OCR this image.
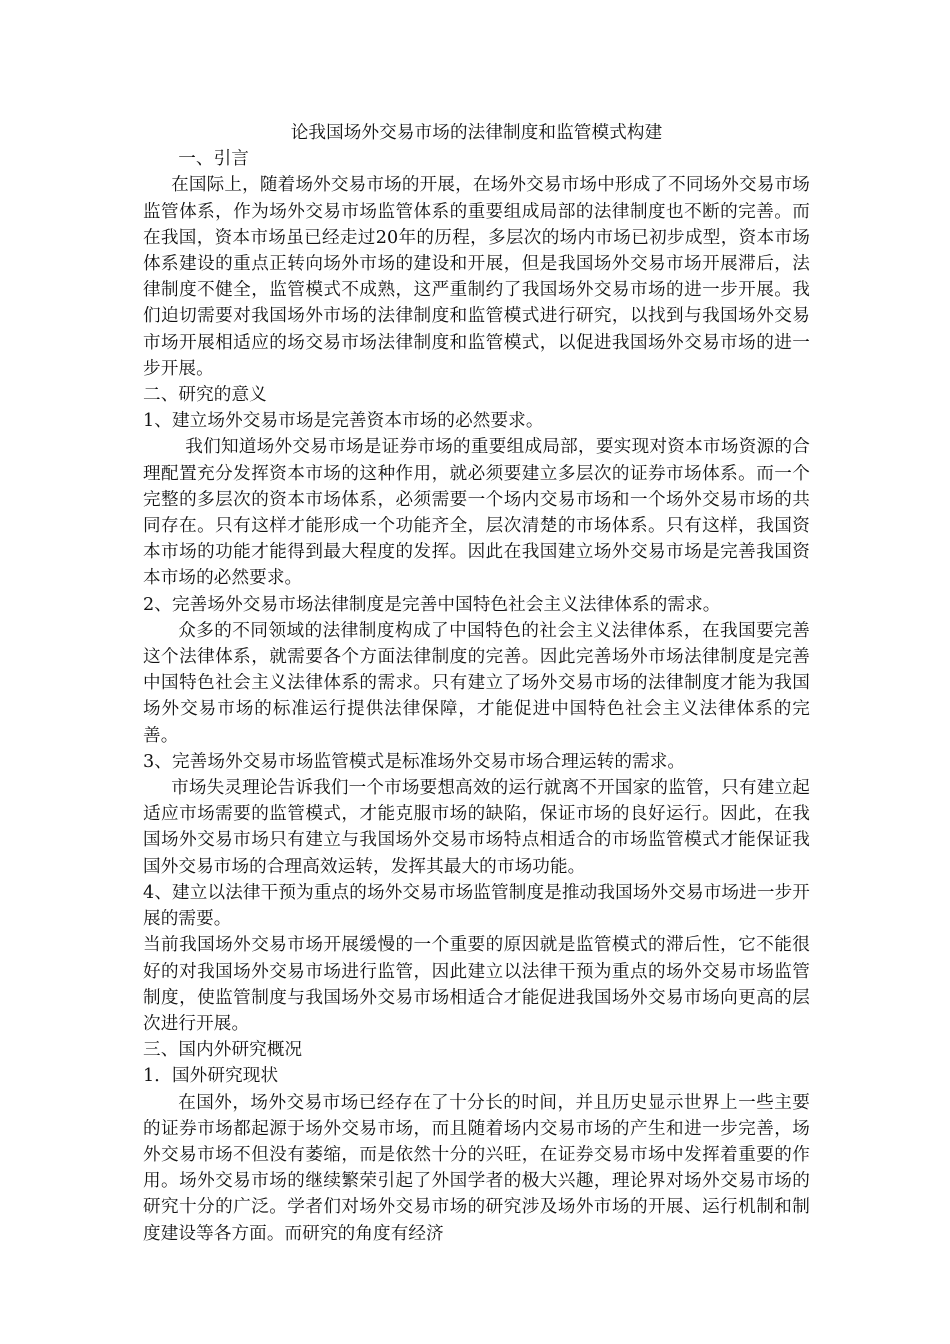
论我国场外交易市场的法律制度和监管模式构建

一、引言

在国际上，随着场外交易市场的开展，在场外交易市场中形成了不同场外交易市场监管体系，作为场外交易市场监管体系的重要组成局部的法律制度也不断的完善。而在我国，资本市场虽已经走过20年的历程，多层次的场内市场已初步成型，资本市场体系建设的重点正转向场外市场的建设和开展，但是我国场外交易市场开展滞后，法律制度不健全，监管模式不成熟，这严重制约了我国场外交易市场的进一步开展。我们迫切需要对我国场外市场的法律制度和监管模式进行研究，以找到与我国场外交易市场开展相适应的场交易市场法律制度和监管模式，以促进我国场外交易市场的进一步开展。

二、研究的意义

1、建立场外交易市场是完善资本市场的必然要求。

我们知道场外交易市场是证券市场的重要组成局部，要实现对资本市场资源的合理配置充分发挥资本市场的这种作用，就必须要建立多层次的证券市场体系。而一个完整的多层次的资本市场体系，必须需要一个场内交易市场和一个场外交易市场的共同存在。只有这样才能形成一个功能齐全，层次清楚的市场体系。只有这样，我国资本市场的功能才能得到最大程度的发挥。因此在我国建立场外交易市场是完善我国资本市场的必然要求。

2、完善场外交易市场法律制度是完善中国特色社会主义法律体系的需求。

众多的不同领域的法律制度构成了中国特色的社会主义法律体系，在我国要完善这个法律体系，就需要各个方面法律制度的完善。因此完善场外市场法律制度是完善中国特色社会主义法律体系的需求。只有建立了场外交易市场的法律制度才能为我国场外交易市场的标准运行提供法律保障，才能促进中国特色社会主义法律体系的完善。

3、完善场外交易市场监管模式是标准场外交易市场合理运转的需求。

市场失灵理论告诉我们一个市场要想高效的运行就离不开国家的监管，只有建立起适应市场需要的监管模式，才能克服市场的缺陷，保证市场的良好运行。因此，在我国场外交易市场只有建立与我国场外交易市场特点相适合的市场监管模式才能保证我国外交易市场的合理高效运转，发挥其最大的市场功能。

4、建立以法律干预为重点的场外交易市场监管制度是推动我国场外交易市场进一步开展的需要。

当前我国场外交易市场开展缓慢的一个重要的原因就是监管模式的滞后性，它不能很好的对我国场外交易市场进行监管，因此建立以法律干预为重点的场外交易市场监管制度，使监管制度与我国场外交易市场相适合才能促进我国场外交易市场向更高的层次进行开展。

三、国内外研究概况

1．国外研究现状

在国外，场外交易市场已经存在了十分长的时间，并且历史显示世界上一些主要的证券市场都起源于场外交易市场，而且随着场内交易市场的产生和进一步完善，场外交易市场不但没有萎缩，而是依然十分的兴旺，在证券交易市场中发挥着重要的作用。场外交易市场的继续繁荣引起了外国学者的极大兴趣，理论界对场外交易市场的研究十分的广泛。学者们对场外交易市场的研究涉及场外市场的开展、运行机制和制度建设等各方面。而研究的角度有经济
